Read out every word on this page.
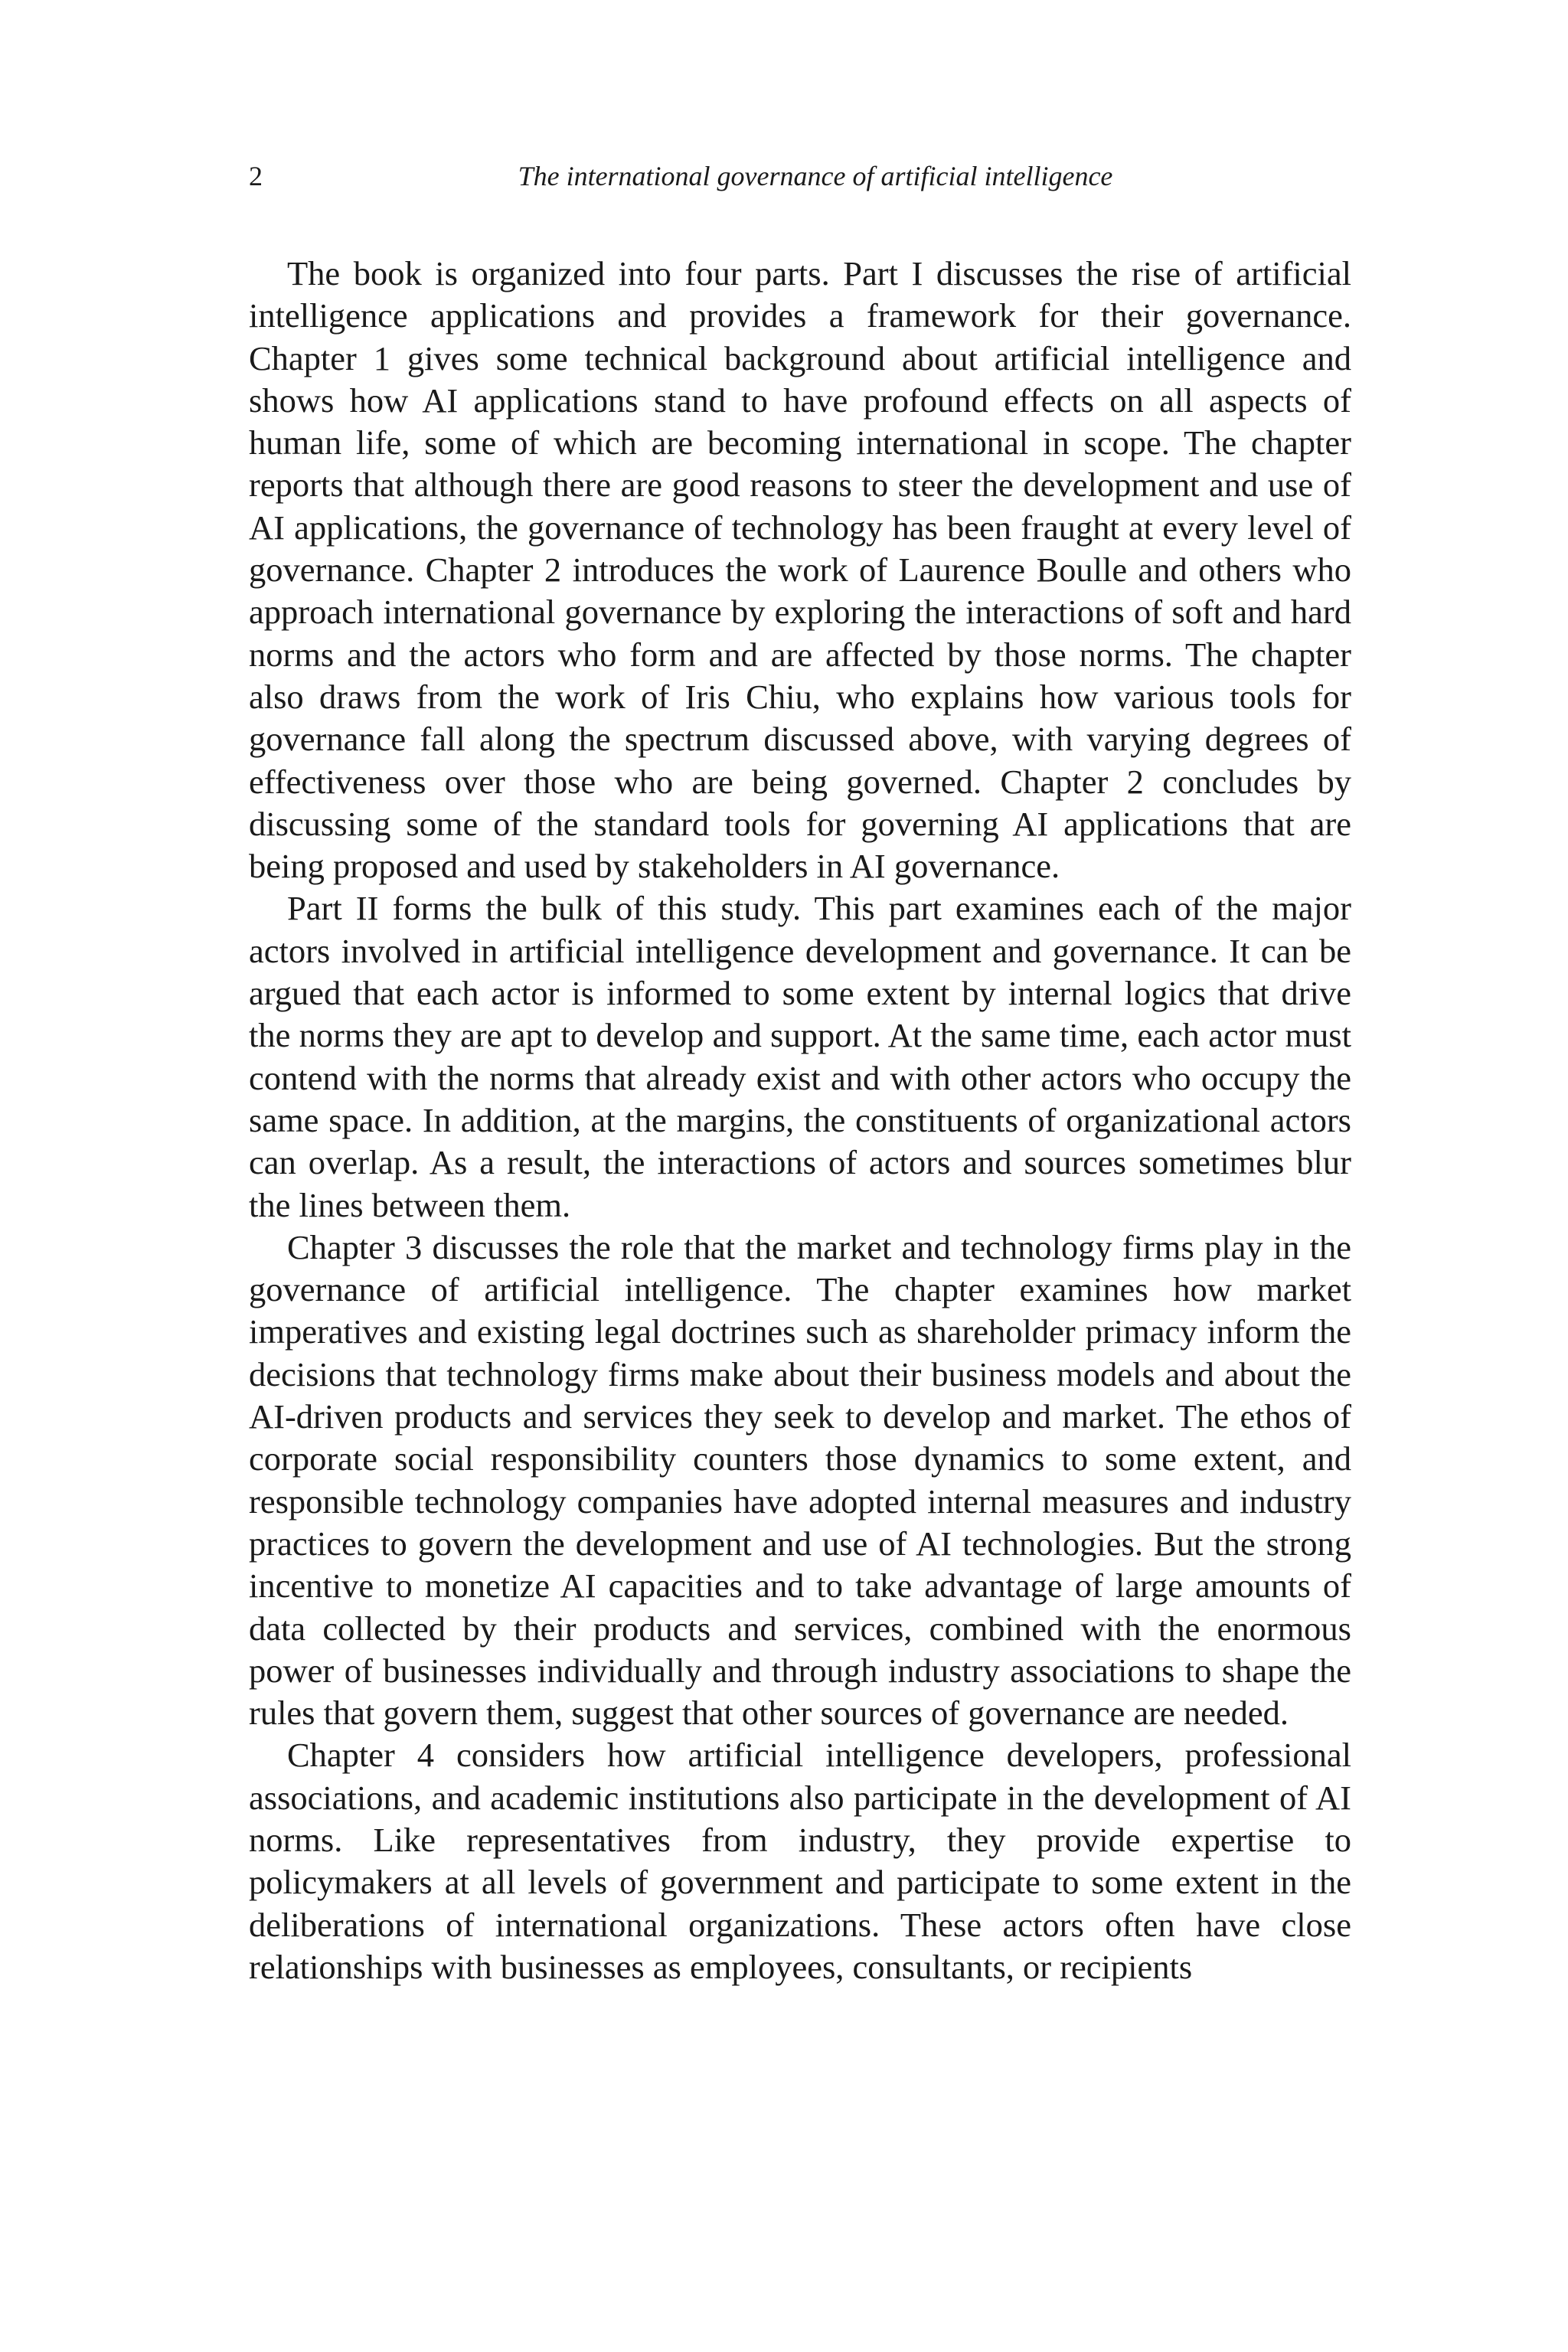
2	The international governance of artificial intelligence

The book is organized into four parts. Part I discusses the rise of artificial intelligence applications and provides a framework for their governance. Chapter 1 gives some technical background about artificial intelligence and shows how AI applications stand to have profound effects on all aspects of human life, some of which are becoming international in scope. The chapter reports that although there are good reasons to steer the development and use of AI applications, the governance of technology has been fraught at every level of governance. Chapter 2 introduces the work of Laurence Boulle and others who approach international governance by exploring the interactions of soft and hard norms and the actors who form and are affected by those norms. The chapter also draws from the work of Iris Chiu, who explains how various tools for governance fall along the spectrum discussed above, with varying degrees of effectiveness over those who are being governed. Chapter 2 concludes by discussing some of the standard tools for governing AI applications that are being proposed and used by stakeholders in AI governance.

Part II forms the bulk of this study. This part examines each of the major actors involved in artificial intelligence development and governance. It can be argued that each actor is informed to some extent by internal logics that drive the norms they are apt to develop and support. At the same time, each actor must contend with the norms that already exist and with other actors who occupy the same space. In addition, at the margins, the constituents of organizational actors can overlap. As a result, the interactions of actors and sources sometimes blur the lines between them.

Chapter 3 discusses the role that the market and technology firms play in the governance of artificial intelligence. The chapter examines how market imperatives and existing legal doctrines such as shareholder primacy inform the decisions that technology firms make about their business models and about the AI-driven products and services they seek to develop and market. The ethos of corporate social responsibility counters those dynamics to some extent, and responsible technology companies have adopted internal measures and industry practices to govern the development and use of AI technologies. But the strong incentive to monetize AI capacities and to take advantage of large amounts of data collected by their products and services, combined with the enormous power of businesses individually and through industry associations to shape the rules that govern them, suggest that other sources of governance are needed.

Chapter 4 considers how artificial intelligence developers, professional associations, and academic institutions also participate in the development of AI norms. Like representatives from industry, they provide expertise to policymakers at all levels of government and participate to some extent in the deliberations of international organizations. These actors often have close relationships with businesses as employees, consultants, or recipients
